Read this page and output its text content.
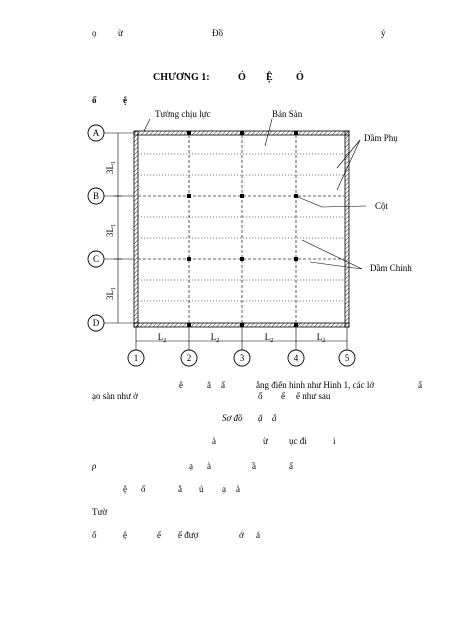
ọ ừ	Đồ	ý
CHƯƠNG 1:	Ó Ệ Ó
ố	ệ
A
B
C
D
$3L_1$
$3L_1$
$3L_1$
$L_2$	$L_2$	$L_2$	$L_2$
1	2	3	4	5
Tường chịu lực	Bản Sàn
Dầm Phụ
Cột
Dầm Chính
ê	â ẩ	ẳng điển hình như Hình 1, các lớ	ẩ
ạo sàn như ở	ổ ế ế như sau
Sơ đồ ặ ắ
à	ừ ục đi	i
ρ	ạ à	ầ	ẩ
ệ ố	ắ ủ ạ à
Tườ
ố	ệ	ế ế đượ	ớ á
